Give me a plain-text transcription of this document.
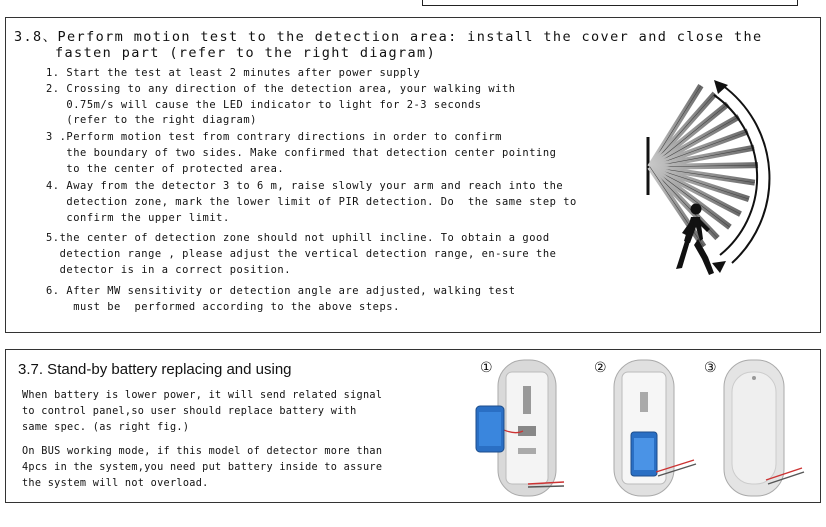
3.8、Perform motion test to the detection area: install the cover and close the
fasten part (refer to the right diagram)
1. Start the test at least 2 minutes after power supply
2. Crossing to any direction of the detection area, your walking with
0.75m/s will cause the LED indicator to light for 2-3 seconds
(refer to the right diagram)
3 .Perform motion test from contrary directions in order to confirm
the boundary of two sides. Make confirmed that detection center pointing
to the center of protected area.
4. Away from the detector 3 to 6 m, raise slowly your arm and reach into the
detection zone, mark the lower limit of PIR detection. Do  the same step to
confirm the upper limit.
5.the center of detection zone should not uphill incline. To obtain a good
detection range , please adjust the vertical detection range, en-sure the
detector is in a correct position.
6. After MW sensitivity or detection angle are adjusted, walking test
must be  performed according to the above steps.
3.7. Stand-by battery replacing and using
When battery is lower power, it will send related signal
to control panel,so user should replace battery with
same spec. (as right fig.)
On BUS working mode, if this model of detector more than
4pcs in the system,you need put battery inside to assure
the system will not overload.
①	②	③
